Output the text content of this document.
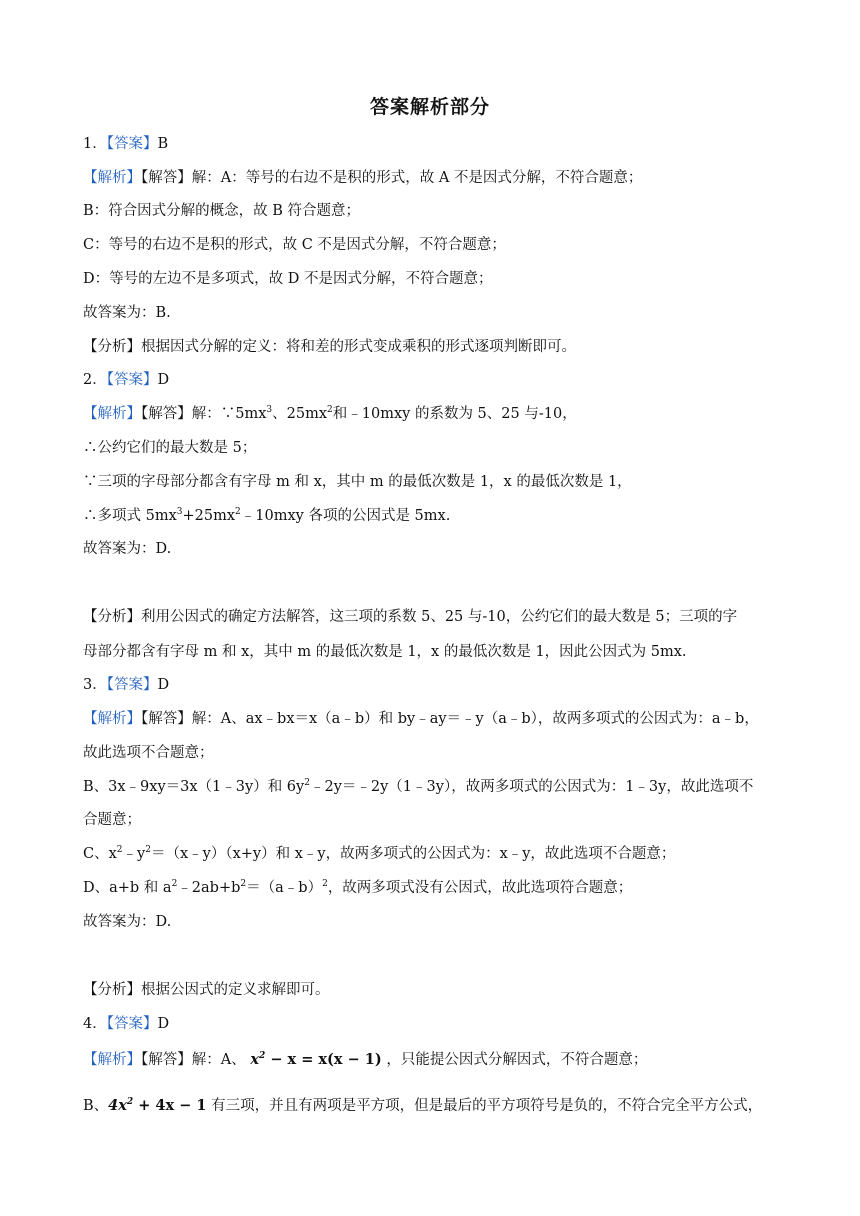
答案解析部分
1．【答案】B
【解析】【解答】解：A：等号的右边不是积的形式，故 A 不是因式分解，不符合题意；
B：符合因式分解的概念，故 B 符合题意；
C：等号的右边不是积的形式，故 C 不是因式分解，不符合题意；
D：等号的左边不是多项式，故 D 不是因式分解，不符合题意；
故答案为：B.
【分析】根据因式分解的定义：将和差的形式变成乘积的形式逐项判断即可。
2．【答案】D
【解析】【解答】解：$\because 5mx^3$、$25mx^2$和﹣10mxy 的系数为 5、25 与-10，
∴公约它们的最大数是 5；
∵三项的字母部分都含有字母 m 和 x，其中 m 的最低次数是 1，x 的最低次数是 1，
∴多项式 $5mx^3+25mx^2﹣10mxy$ 各项的公因式是 5mx.
故答案为：D.
【分析】利用公因式的确定方法解答，这三项的系数 5、25 与-10，公约它们的最大数是 5；三项的字
母部分都含有字母 m 和 x，其中 m 的最低次数是 1，x 的最低次数是 1，因此公因式为 5mx.
3．【答案】D
【解析】【解答】解：A、ax﹣bx＝x（a﹣b）和 by﹣ay＝﹣y（a﹣b），故两多项式的公因式为：a﹣b，
故此选项不合题意；
B、3x﹣9xy＝3x（1﹣3y）和 $6y^2﹣2y=﹣2y(1﹣3y)$，故两多项式的公因式为：1﹣3y，故此选项不
合题意；
C、$x^2﹣y^2=(x﹣y)(x+y)$和 x﹣y，故两多项式的公因式为：x﹣y，故此选项不合题意；
D、a+b 和 $a^2﹣2ab+b^2=(a﹣b)^2$，故两多项式没有公因式，故此选项符合题意；
故答案为：D.
【分析】根据公因式的定义求解即可。
4．【答案】D
【解析】【解答】解：A、 $x^2 - x = x(x - 1)$ ，只能提公因式分解因式，不符合题意；
B、$4x^2 + 4x - 1$ 有三项，并且有两项是平方项，但是最后的平方项符号是负的，不符合完全平方公式，
